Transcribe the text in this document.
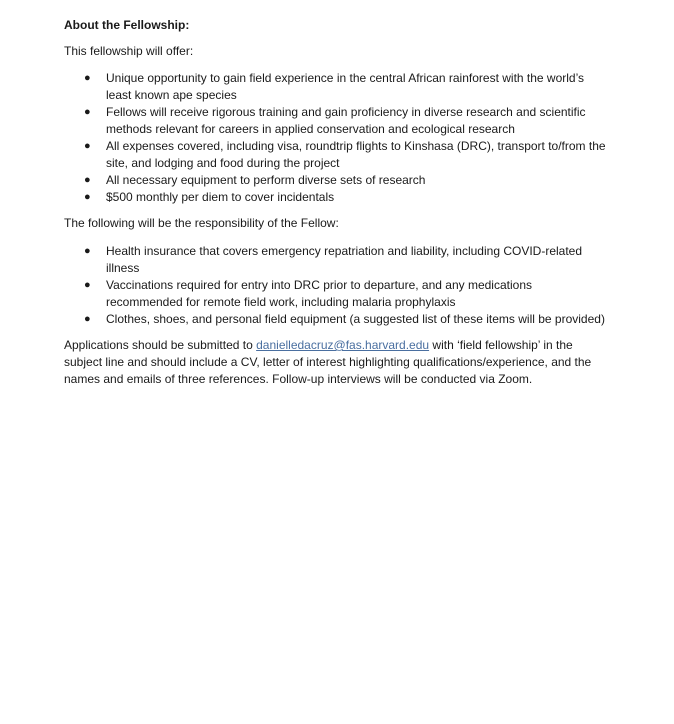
About the Fellowship:

This fellowship will offer:

● Unique opportunity to gain field experience in the central African rainforest with the world’s least known ape species
● Fellows will receive rigorous training and gain proficiency in diverse research and scientific methods relevant for careers in applied conservation and ecological research
● All expenses covered, including visa, roundtrip flights to Kinshasa (DRC), transport to/from the site, and lodging and food during the project
● All necessary equipment to perform diverse sets of research
● $500 monthly per diem to cover incidentals

The following will be the responsibility of the Fellow:

● Health insurance that covers emergency repatriation and liability, including COVID-related illness
● Vaccinations required for entry into DRC prior to departure, and any medications recommended for remote field work, including malaria prophylaxis
● Clothes, shoes, and personal field equipment (a suggested list of these items will be provided)

Applications should be submitted to danielledacruz@fas.harvard.edu with ‘field fellowship’ in the subject line and should include a CV, letter of interest highlighting qualifications/experience, and the names and emails of three references. Follow-up interviews will be conducted via Zoom.
